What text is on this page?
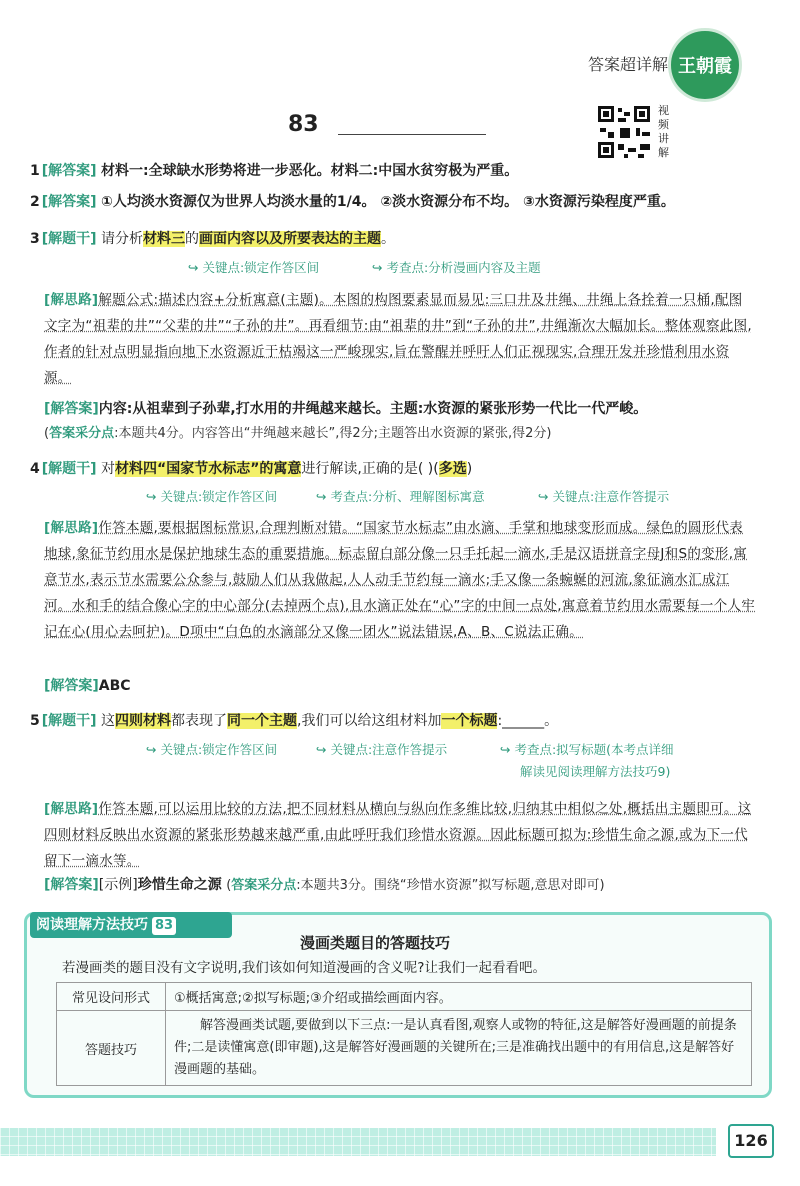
答案超详解 王朝霞
83
视频讲解
1 [解答案] 材料一:全球缺水形势将进一步恶化。材料二:中国水贫穷极为严重。
2 [解答案] ①人均淡水资源仅为世界人均淡水量的1/4。 ②淡水资源分布不均。 ③水资源污染程度严重。
3 [解题干] 请分析材料三的画面内容以及所要表达的主题。
↪ 关键点:锁定作答区间	↪ 考查点:分析漫画内容及主题
[解思路]解题公式:描述内容+分析寓意(主题)。本图的构图要素显而易见:三口井及井绳、井绳上各拴着一只桶,配图文字为“祖辈的井”“父辈的井”“子孙的井”。再看细节:由“祖辈的井”到“子孙的井”,井绳渐次大幅加长。整体观察此图,作者的针对点明显指向地下水资源近于枯竭这一严峻现实,旨在警醒并呼吁人们正视现实,合理开发并珍惜利用水资源。
[解答案]内容:从祖辈到子孙辈,打水用的井绳越来越长。主题:水资源的紧张形势一代比一代严峻。
(答案采分点:本题共4分。内容答出“井绳越来越长”,得2分;主题答出水资源的紧张,得2分)
4 [解题干] 对材料四“国家节水标志”的寓意进行解读,正确的是( )(多选)
↪ 关键点:锁定作答区间	↪ 考查点:分析、理解图标寓意	↪ 关键点:注意作答提示
[解思路]作答本题,要根据图标常识,合理判断对错。“国家节水标志”由水滴、手掌和地球变形而成。绿色的圆形代表地球,象征节约用水是保护地球生态的重要措施。标志留白部分像一只手托起一滴水,手是汉语拼音字母J和S的变形,寓意节水,表示节水需要公众参与,鼓励人们从我做起,人人动手节约每一滴水;手又像一条蜿蜒的河流,象征滴水汇成江河。水和手的结合像心字的中心部分(去掉两个点),且水滴正处在“心”字的中间一点处,寓意着节约用水需要每一个人牢记在心(用心去呵护)。D项中“白色的水滴部分又像一团火”说法错误,A、B、C说法正确。
[解答案]ABC
5 [解题干] 这四则材料都表现了同一个主题,我们可以给这组材料加一个标题:______。
↪ 关键点:锁定作答区间	↪ 关键点:注意作答提示	↪ 考查点:拟写标题(本考点详细
解读见阅读理解方法技巧9)
[解思路]作答本题,可以运用比较的方法,把不同材料从横向与纵向作多维比较,归纳其中相似之处,概括出主题即可。这四则材料反映出水资源的紧张形势越来越严重,由此呼吁我们珍惜水资源。因此标题可拟为:珍惜生命之源,或为下一代留下一滴水等。
[解答案][示例]珍惜生命之源 (答案采分点:本题共3分。围绕“珍惜水资源”拟写标题,意思对即可)
阅读理解方法技巧 83
漫画类题目的答题技巧
若漫画类的题目没有文字说明,我们该如何知道漫画的含义呢?让我们一起看看吧。
常见设问形式	①概括寓意;②拟写标题;③介绍或描绘画面内容。
答题技巧	解答漫画类试题,要做到以下三点:一是认真看图,观察人或物的特征,这是解答好漫画题的前提条件;二是读懂寓意(即审题),这是解答好漫画题的关键所在;三是准确找出题中的有用信息,这是解答好漫画题的基础。
126
